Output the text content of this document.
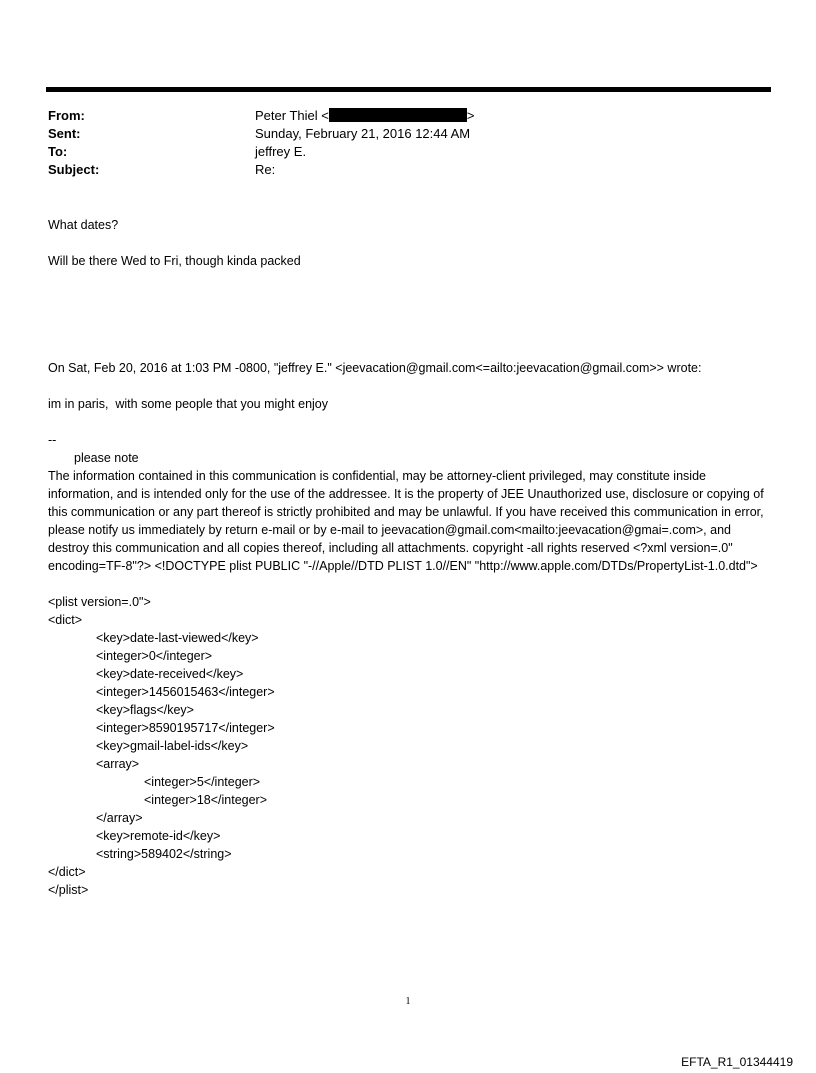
From:	Peter Thiel <	>
Sent:	Sunday, February 21, 2016 12:44 AM
To:	jeffrey E.
Subject:	Re:

What dates?

Will be there Wed to Fri, though kinda packed

On Sat, Feb 20, 2016 at 1:03 PM -0800, "jeffrey E." <jeevacation@gmail.com<=ailto:jeevacation@gmail.com>> wrote:

im in paris,  with some people that you might enjoy

--

please note

The information contained in this communication is confidential, may be attorney-client privileged, may constitute inside information, and is intended only for the use of the addressee. It is the property of JEE Unauthorized use, disclosure or copying of this communication or any part thereof is strictly prohibited and may be unlawful. If you have received this communication in error, please notify us immediately by return e-mail or by e-mail to jeevacation@gmail.com<mailto:jeevacation@gmai=.com>, and destroy this communication and all copies thereof, including all attachments. copyright -all rights reserved <?xml version=.0" encoding=TF-8"?> <!DOCTYPE plist PUBLIC "-//Apple//DTD PLIST 1.0//EN" "http://www.apple.com/DTDs/PropertyList-1.0.dtd">

<plist version=.0">

<dict>

<key>date-last-viewed</key>

<integer>0</integer>

<key>date-received</key>

<integer>1456015463</integer>

<key>flags</key>

<integer>8590195717</integer>

<key>gmail-label-ids</key>

<array>

<integer>5</integer>

<integer>18</integer>

</array>

<key>remote-id</key>

<string>589402</string>

</dict>

</plist>

1
EFTA_R1_01344419
